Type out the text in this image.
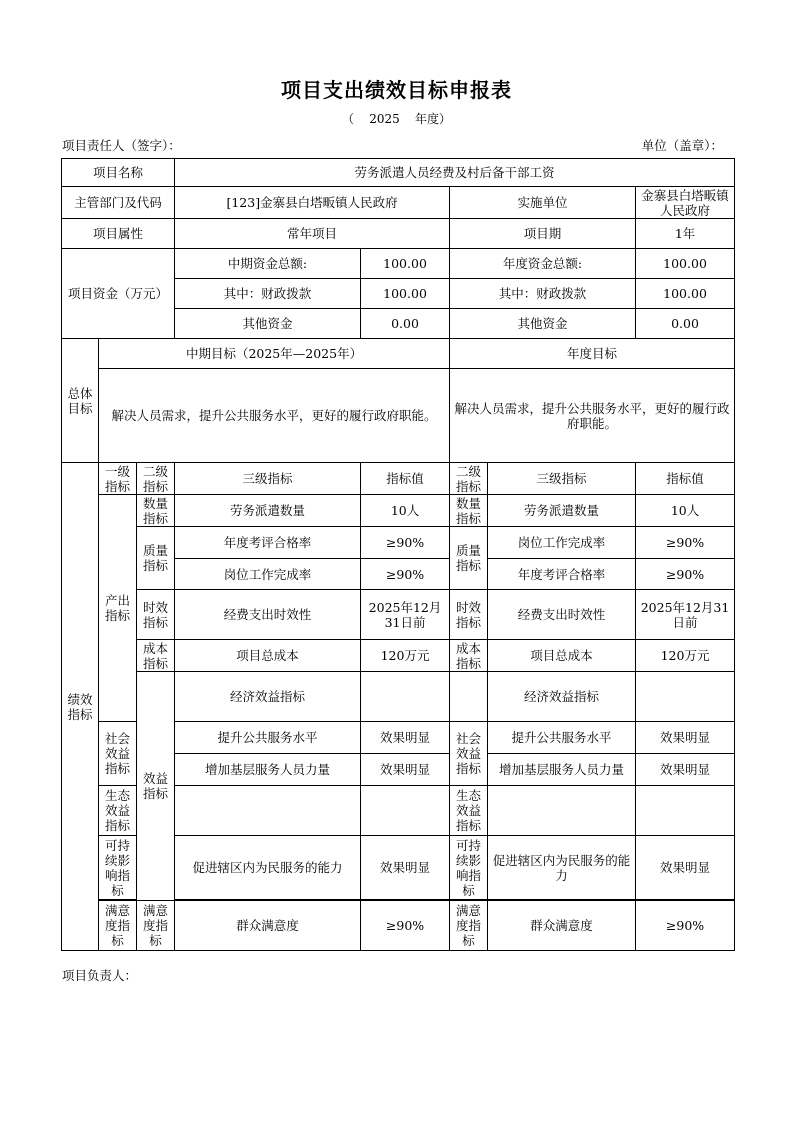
项目支出绩效目标申报表
（ 2025 年度）
项目责任人（签字）：	单位（盖章）：
项目名称			劳务派遣人员经费及村后备干部工资					
主管部门及代码			[123]金寨县白塔畈镇人民政府		实施单位		金寨县白塔畈镇人民政府	
项目属性			常年项目		项目期		1年	
项目资金（万元）			中期资金总额:	100.00	年度资金总额:		100.00	
			其中：财政拨款	100.00	其中：财政拨款		100.00	
			其他资金	0.00	其他资金		0.00	
总体目标	中期目标（2025年—2025年）				年度目标			
	解决人员需求，提升公共服务水平，更好的履行政府职能。				解决人员需求，提升公共服务水平，更好的履行政府职能。			
绩效指标	一级指标	二级指标	三级指标	指标值	二级指标	三级指标	指标值	
	产出指标	数量指标	劳务派遣数量	10人	数量指标	劳务派遣数量	10人	
		质量指标	年度考评合格率	≥90%	质量指标	岗位工作完成率	≥90%	
			岗位工作完成率	≥90%		年度考评合格率	≥90%	
		时效指标	经费支出时效性	2025年12月31日前	时效指标	经费支出时效性	2025年12月31日前	
		成本指标	项目总成本	120万元	成本指标	项目总成本	120万元	
		效益指标	经济效益指标			经济效益指标		
	社会效益指标		提升公共服务水平	效果明显	社会效益指标	提升公共服务水平	效果明显	
			增加基层服务人员力量	效果明显		增加基层服务人员力量	效果明显	
	生态效益指标				生态效益指标			
	可持续影响指标		促进辖区内为民服务的能力	效果明显	可持续影响指标	促进辖区内为民服务的能力	效果明显	

	满意度指标	满意度指标	群众满意度	≥90%	满意度指标	群众满意度	≥90%	
项目负责人：
